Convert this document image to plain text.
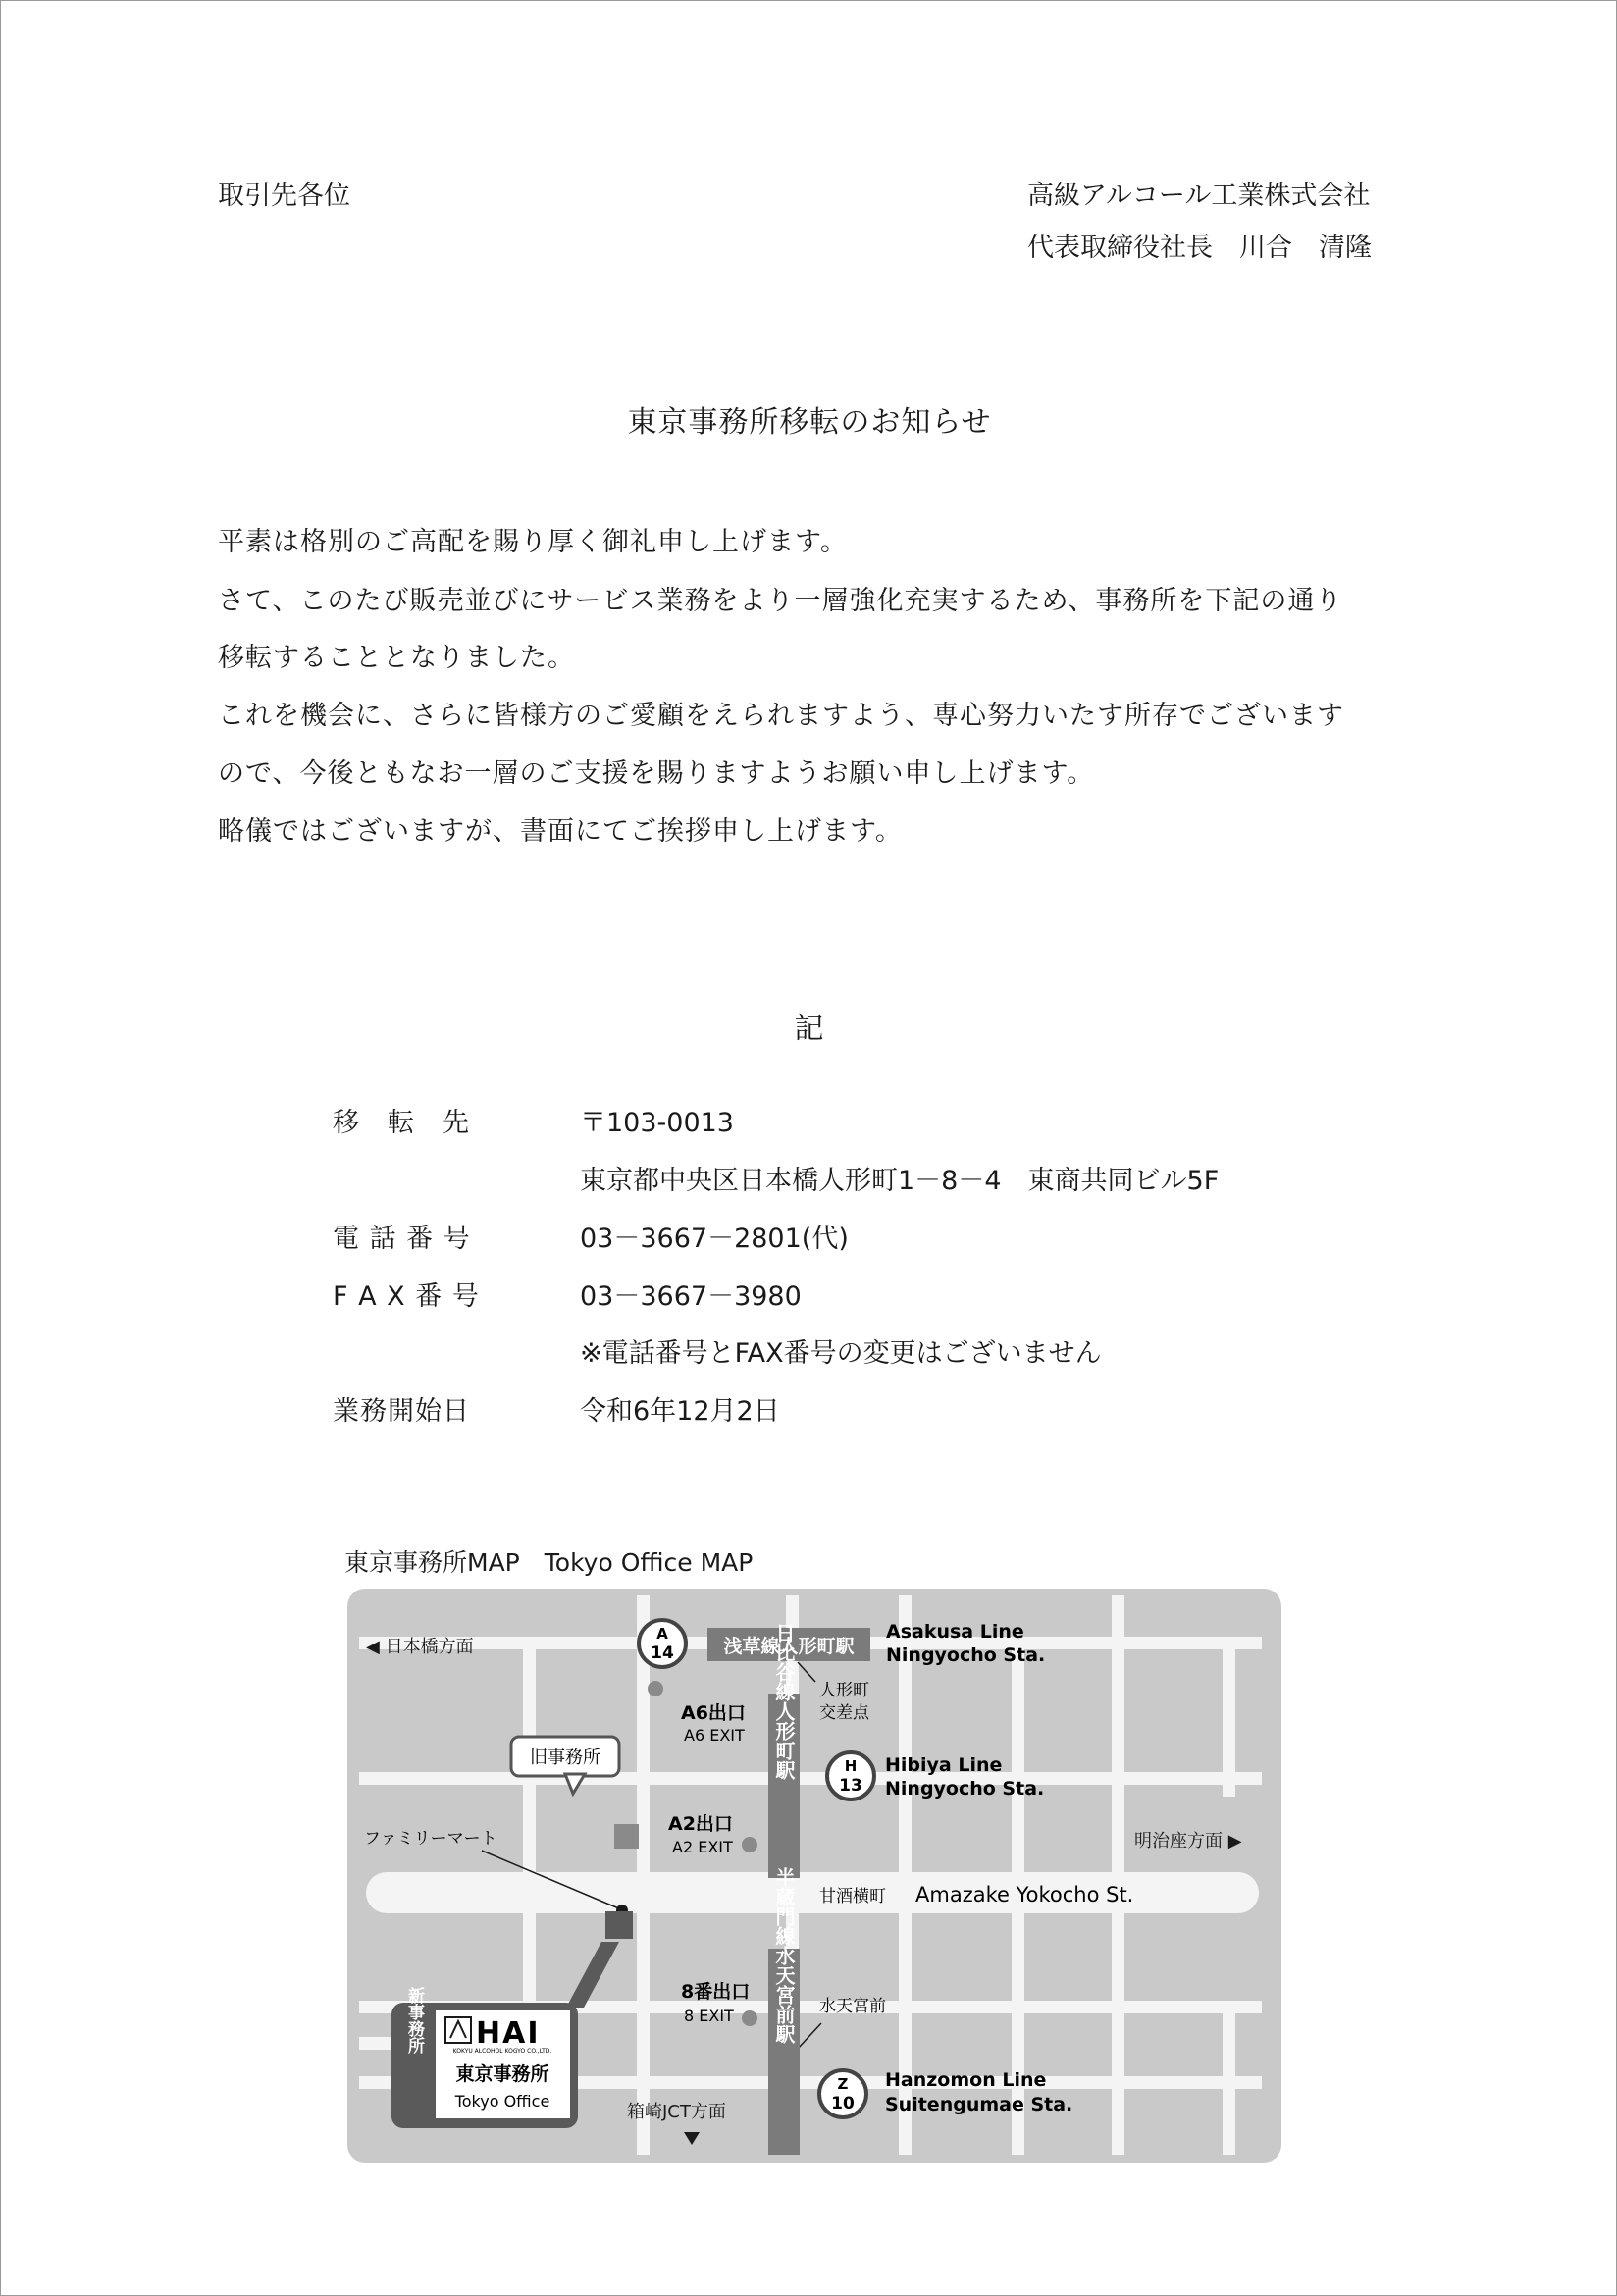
取引先各位	高級アルコール工業株式会社
代表取締役社長　川合　清隆
東京事務所移転のお知らせ
平素は格別のご高配を賜り厚く御礼申し上げます。
さて、このたび販売並びにサービス業務をより一層強化充実するため、事務所を下記の通り
移転することとなりました。
これを機会に、さらに皆様方のご愛顧をえられますよう、専心努力いたす所存でございます
ので、今後ともなお一層のご支援を賜りますようお願い申し上げます。
略儀ではございますが、書面にてご挨拶申し上げます。
記
移　転　先	〒103-0013
東京都中央区日本橋人形町1－8－4　東商共同ビル5F
電 話 番 号	03－3667－2801(代)
F A X 番 号	03－3667－3980
※電話番号とFAX番号の変更はございません
業務開始日	令和6年12月2日
東京事務所MAP　Tokyo Office MAP
◀ 日本橋方面
明治座方面 ▶
箱崎JCT方面
A
14	浅草線人形町駅
Asakusa Line
Ningyocho Sta.
人形町
交差点
A6出口
A6 EXIT 日比谷線人形町駅	H
13
Hibiya Line
Ningyocho Sta.
旧事務所
A2出口
A2 EXIT
ファミリーマート
甘酒横町 Amazake Yokocho St.
8番出口
8 EXIT	水天宮前
半蔵門線水天宮前駅
Z
10
Hanzomon Line
Suitengumae Sta.
新事務所 HAI
KOKYU ALCOHOL KOGYO CO.,LTD.
東京事務所
Tokyo Office
